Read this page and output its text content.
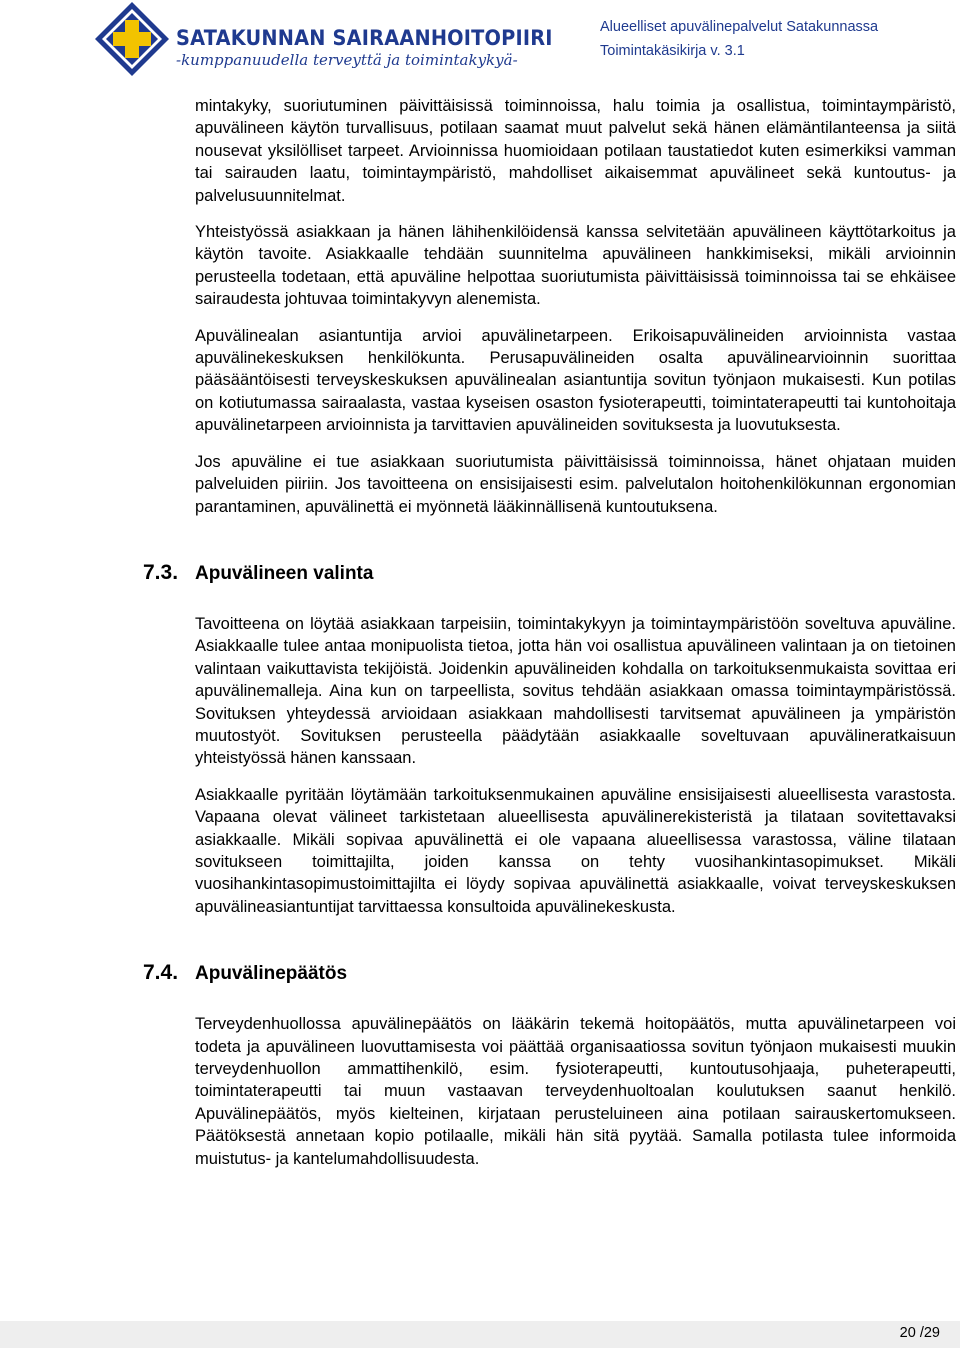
SATAKUNNAN SAIRAANHOITOPIIRI
-kumppanuudella terveyttä ja toimintakykyä-
Alueelliset apuvälinepalvelut Satakunnassa
Toimintakäsikirja v. 3.1

mintakyky, suoriutuminen päivittäisissä toiminnoissa, halu toimia ja osallistua, toimintaympäristö, apuvälineen käytön turvallisuus, potilaan saamat muut palvelut sekä hänen elämäntilanteensa ja siitä nousevat yksilölliset tarpeet. Arvioinnissa huomioidaan potilaan taustatiedot kuten esimerkiksi vamman tai sairauden laatu, toimintaympäristö, mahdolliset aikaisemmat apuvälineet sekä kuntoutus- ja palvelusuunnitelmat.

Yhteistyössä asiakkaan ja hänen lähihenkilöidensä kanssa selvitetään apuvälineen käyttötarkoitus ja käytön tavoite. Asiakkaalle tehdään suunnitelma apuvälineen hankkimiseksi, mikäli arvioinnin perusteella todetaan, että apuväline helpottaa suoriutumista päivittäisissä toiminnoissa tai se ehkäisee sairaudesta johtuvaa toimintakyvyn alenemista.

Apuvälinealan asiantuntija arvioi apuvälinetarpeen. Erikoisapuvälineiden arvioinnista vastaa apuvälinekeskuksen henkilökunta. Perusapuvälineiden osalta apuvälinearvioinnin suorittaa pääsääntöisesti terveyskeskuksen apuvälinealan asiantuntija sovitun työnjaon mukaisesti. Kun potilas on kotiutumassa sairaalasta, vastaa kyseisen osaston fysioterapeutti, toimintaterapeutti tai kuntohoitaja apuvälinetarpeen arvioinnista ja tarvittavien apuvälineiden sovituksesta ja luovutuksesta.

Jos apuväline ei tue asiakkaan suoriutumista päivittäisissä toiminnoissa, hänet ohjataan muiden palveluiden piiriin. Jos tavoitteena on ensisijaisesti esim. palvelutalon hoitohenkilökunnan ergonomian parantaminen, apuvälinettä ei myönnetä lääkinnällisenä kuntoutuksena.

7.3. Apuvälineen valinta

Tavoitteena on löytää asiakkaan tarpeisiin, toimintakykyyn ja toimintaympäristöön soveltuva apuväline. Asiakkaalle tulee antaa monipuolista tietoa, jotta hän voi osallistua apuvälineen valintaan ja on tietoinen valintaan vaikuttavista tekijöistä. Joidenkin apuvälineiden kohdalla on tarkoituksenmukaista sovittaa eri apuvälinemalleja. Aina kun on tarpeellista, sovitus tehdään asiakkaan omassa toimintaympäristössä. Sovituksen yhteydessä arvioidaan asiakkaan mahdollisesti tarvitsemat apuvälineen ja ympäristön muutostyöt. Sovituksen perusteella päädytään asiakkaalle soveltuvaan apuvälineratkaisuun yhteistyössä hänen kanssaan.

Asiakkaalle pyritään löytämään tarkoituksenmukainen apuväline ensisijaisesti alueellisesta varastosta. Vapaana olevat välineet tarkistetaan alueellisesta apuvälinerekisteristä ja tilataan sovitettavaksi asiakkaalle. Mikäli sopivaa apuvälinettä ei ole vapaana alueellisessa varastossa, väline tilataan sovitukseen toimittajilta, joiden kanssa on tehty vuosihankintasopimukset. Mikäli vuosihankintasopimustoimittajilta ei löydy sopivaa apuvälinettä asiakkaalle, voivat terveyskeskuksen apuvälineasiantuntijat tarvittaessa konsultoida apuvälinekeskusta.

7.4. Apuvälinepäätös

Terveydenhuollossa apuvälinepäätös on lääkärin tekemä hoitopäätös, mutta apuvälinetarpeen voi todeta ja apuvälineen luovuttamisesta voi päättää organisaatiossa sovitun työnjaon mukaisesti muukin terveydenhuollon ammattihenkilö, esim. fysioterapeutti, kuntoutusohjaaja, puheterapeutti, toimintaterapeutti tai muun vastaavan terveydenhuoltoalan koulutuksen saanut henkilö. Apuvälinepäätös, myös kielteinen, kirjataan perusteluineen aina potilaan sairauskertomukseen. Päätöksestä annetaan kopio potilaalle, mikäli hän sitä pyytää. Samalla potilasta tulee informoida muistutus- ja kantelumahdollisuudesta.

20 /29
